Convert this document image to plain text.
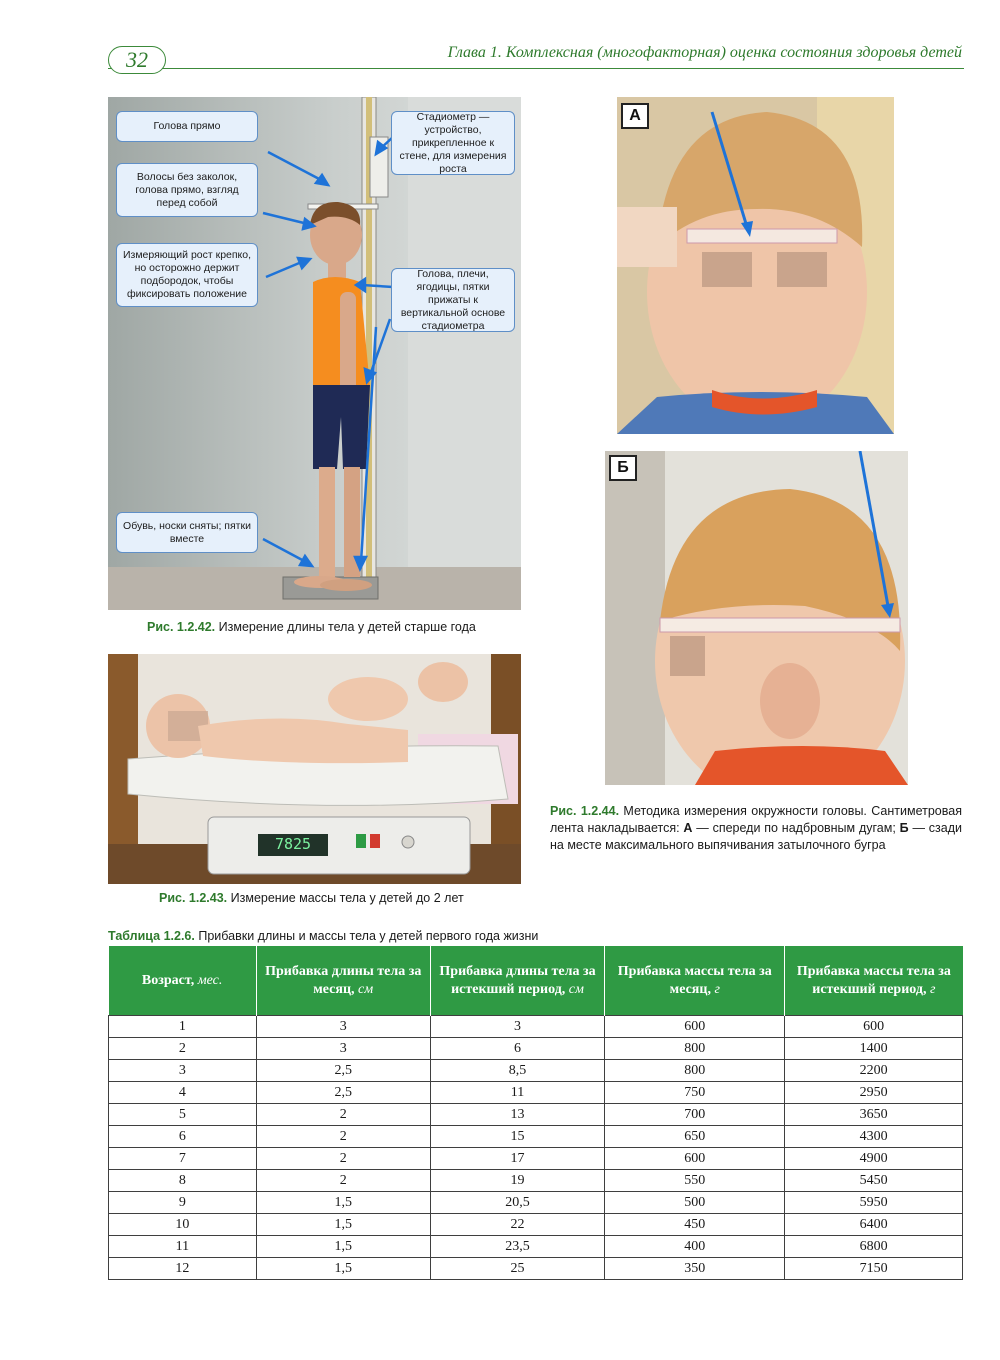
32	Глава 1. Комплексная (многофакторная) оценка состояния здоровья детей
Голова прямо
Волосы без заколок, голова прямо, взгляд перед собой
Измеряющий рост крепко, но осторожно держит подбородок, чтобы фиксировать положение
Стадиометр — устройство, прикрепленное к стене, для измерения роста
Голова, плечи, ягодицы, пятки прижаты к вертикальной основе стадиометра
Обувь, носки сняты; пятки вместе
Рис. 1.2.42. Измерение длины тела у детей старше года
7825
Рис. 1.2.43. Измерение массы тела у детей до 2 лет
А
Б
Рис. 1.2.44. Методика измерения окружности головы. Сантиметровая лента накладывается: А — спереди по надбровным дугам; Б — сзади на месте максимального выпячивания затылочного бугра
Таблица 1.2.6. Прибавки длины и массы тела у детей первого года жизни
Возраст, мес.	Прибавка длины тела за месяц, см	Прибавка длины тела за истекший период, см	Прибавка массы тела за месяц, г	Прибавка массы тела за истекший период, г
1	3	3	600	600
2	3	6	800	1400
3	2,5	8,5	800	2200
4	2,5	11	750	2950
5	2	13	700	3650
6	2	15	650	4300
7	2	17	600	4900
8	2	19	550	5450
9	1,5	20,5	500	5950
10	1,5	22	450	6400
11	1,5	23,5	400	6800
12	1,5	25	350	7150
